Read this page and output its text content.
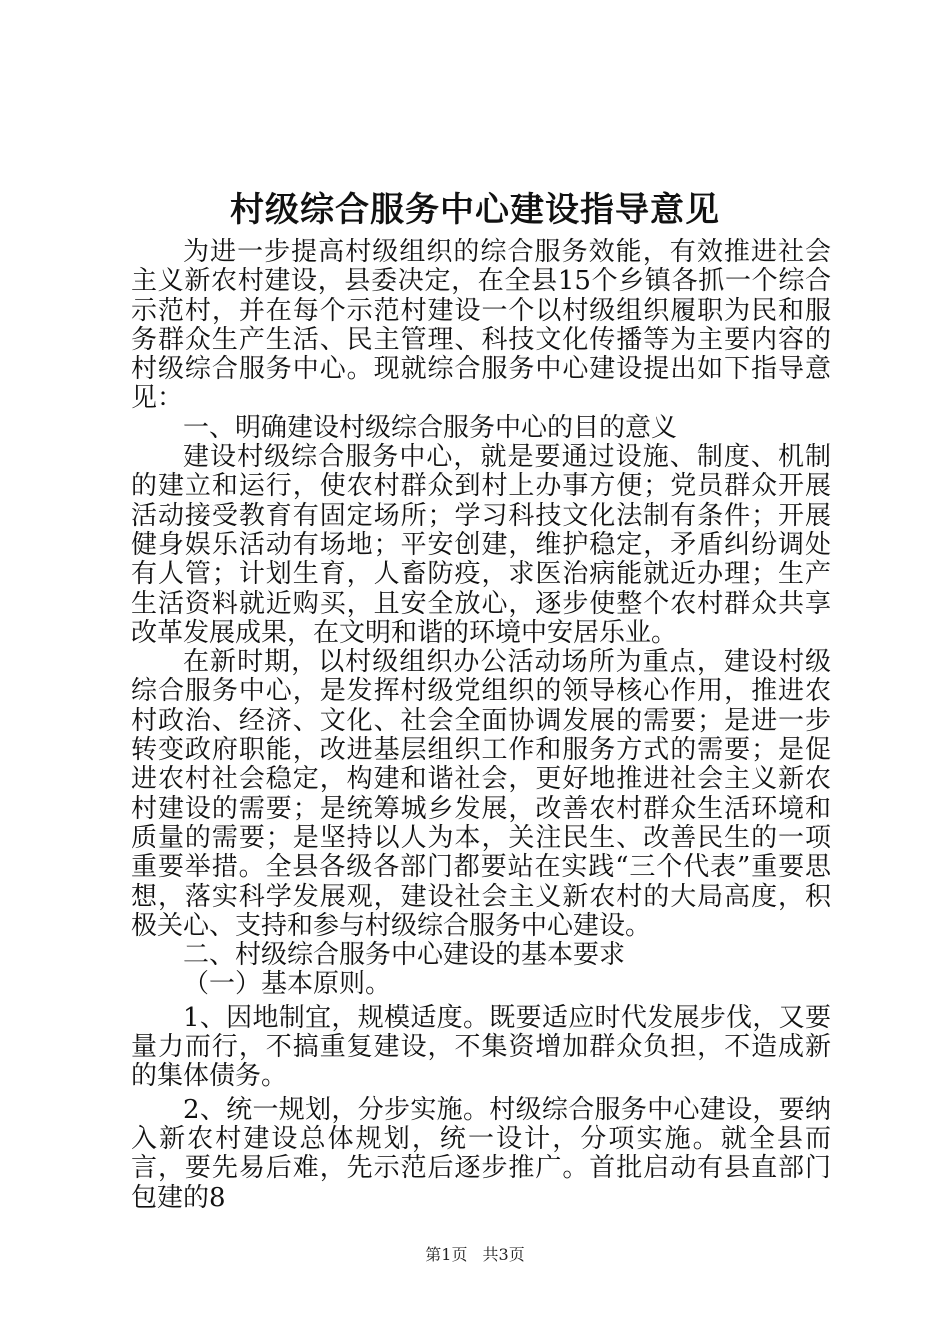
村级综合服务中心建设指导意见

为进一步提高村级组织的综合服务效能，有效推进社会主义新农村建设，县委决定，在全县15个乡镇各抓一个综合示范村，并在每个示范村建设一个以村级组织履职为民和服务群众生产生活、民主管理、科技文化传播等为主要内容的村级综合服务中心。现就综合服务中心建设提出如下指导意见：

一、明确建设村级综合服务中心的目的意义

建设村级综合服务中心，就是要通过设施、制度、机制的建立和运行，使农村群众到村上办事方便；党员群众开展活动接受教育有固定场所；学习科技文化法制有条件；开展健身娱乐活动有场地；平安创建，维护稳定，矛盾纠纷调处有人管；计划生育，人畜防疫，求医治病能就近办理；生产生活资料就近购买，且安全放心，逐步使整个农村群众共享改革发展成果，在文明和谐的环境中安居乐业。

在新时期，以村级组织办公活动场所为重点，建设村级综合服务中心，是发挥村级党组织的领导核心作用，推进农村政治、经济、文化、社会全面协调发展的需要；是进一步转变政府职能，改进基层组织工作和服务方式的需要；是促进农村社会稳定，构建和谐社会，更好地推进社会主义新农村建设的需要；是统筹城乡发展，改善农村群众生活环境和质量的需要；是坚持以人为本，关注民生、改善民生的一项重要举措。全县各级各部门都要站在实践“三个代表”重要思想，落实科学发展观，建设社会主义新农村的大局高度，积极关心、支持和参与村级综合服务中心建设。

二、村级综合服务中心建设的基本要求

（一）基本原则。

1、因地制宜，规模适度。既要适应时代发展步伐，又要量力而行，不搞重复建设，不集资增加群众负担，不造成新的集体债务。

2、统一规划，分步实施。村级综合服务中心建设，要纳入新农村建设总体规划，统一设计，分项实施。就全县而言，要先易后难，先示范后逐步推广。首批启动有县直部门包建的8

第1页 共3页
